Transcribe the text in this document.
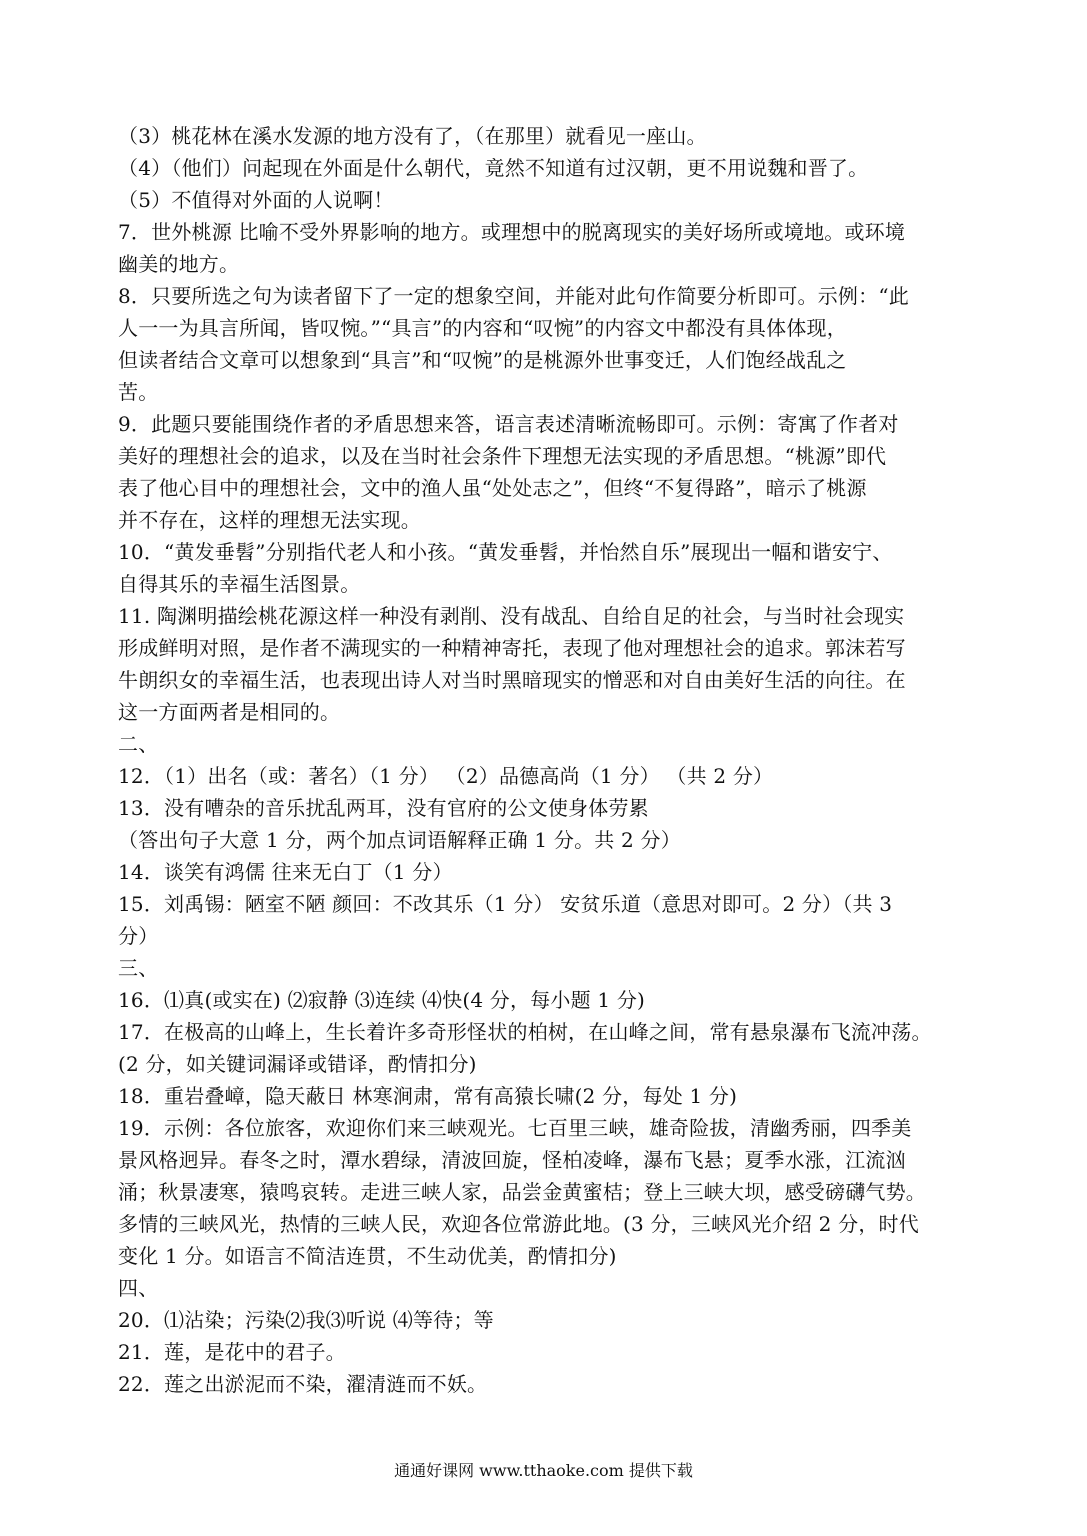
（3）桃花林在溪水发源的地方没有了，（在那里）就看见一座山。
（4）（他们）问起现在外面是什么朝代，竟然不知道有过汉朝，更不用说魏和晋了。
（5）不值得对外面的人说啊！
7．世外桃源 比喻不受外界影响的地方。或理想中的脱离现实的美好场所或境地。或环境
幽美的地方。
8．只要所选之句为读者留下了一定的想象空间，并能对此句作简要分析即可。示例：“此
人一一为具言所闻，皆叹惋。”“具言”的内容和“叹惋”的内容文中都没有具体体现，
但读者结合文章可以想象到“具言”和“叹惋”的是桃源外世事变迁，人们饱经战乱之
苦。
9．此题只要能围绕作者的矛盾思想来答，语言表述清晰流畅即可。示例：寄寓了作者对
美好的理想社会的追求，以及在当时社会条件下理想无法实现的矛盾思想。“桃源”即代
表了他心目中的理想社会，文中的渔人虽“处处志之”，但终“不复得路”，暗示了桃源
并不存在，这样的理想无法实现。
10．“黄发垂髫”分别指代老人和小孩。“黄发垂髫，并怡然自乐”展现出一幅和谐安宁、
自得其乐的幸福生活图景。
11. 陶渊明描绘桃花源这样一种没有剥削、没有战乱、自给自足的社会，与当时社会现实
形成鲜明对照，是作者不满现实的一种精神寄托，表现了他对理想社会的追求。郭沫若写
牛朗织女的幸福生活，也表现出诗人对当时黑暗现实的憎恶和对自由美好生活的向往。在
这一方面两者是相同的。
二、
12．（1）出名（或：著名）（1 分） （2）品德高尚（1 分） （共 2 分）
13．没有嘈杂的音乐扰乱两耳，没有官府的公文使身体劳累
（答出句子大意 1 分，两个加点词语解释正确 1 分。共 2 分）
14．谈笑有鸿儒 往来无白丁（1 分）
15．刘禹锡：陋室不陋 颜回：不改其乐（1 分） 安贫乐道（意思对即可。2 分）（共 3
分）
三、
16．⑴真(或实在) ⑵寂静 ⑶连续 ⑷快(4 分，每小题 1 分)
17．在极高的山峰上，生长着许多奇形怪状的柏树，在山峰之间，常有悬泉瀑布飞流冲荡。
(2 分，如关键词漏译或错译，酌情扣分)
18．重岩叠嶂，隐天蔽日 林寒涧肃，常有高猿长啸(2 分，每处 1 分)
19．示例：各位旅客，欢迎你们来三峡观光。七百里三峡，雄奇险拔，清幽秀丽，四季美
景风格迥异。春冬之时，潭水碧绿，清波回旋，怪柏凌峰，瀑布飞悬；夏季水涨，江流汹
涌；秋景凄寒，猿鸣哀转。走进三峡人家，品尝金黄蜜桔；登上三峡大坝，感受磅礴气势。
多情的三峡风光，热情的三峡人民，欢迎各位常游此地。(3 分，三峡风光介绍 2 分，时代
变化 1 分。如语言不简洁连贯，不生动优美，酌情扣分)
四、
20．⑴沾染；污染⑵我⑶听说 ⑷等待；等
21．莲，是花中的君子。
22．莲之出淤泥而不染，濯清涟而不妖。
通通好课网 www.tthaoke.com 提供下载
